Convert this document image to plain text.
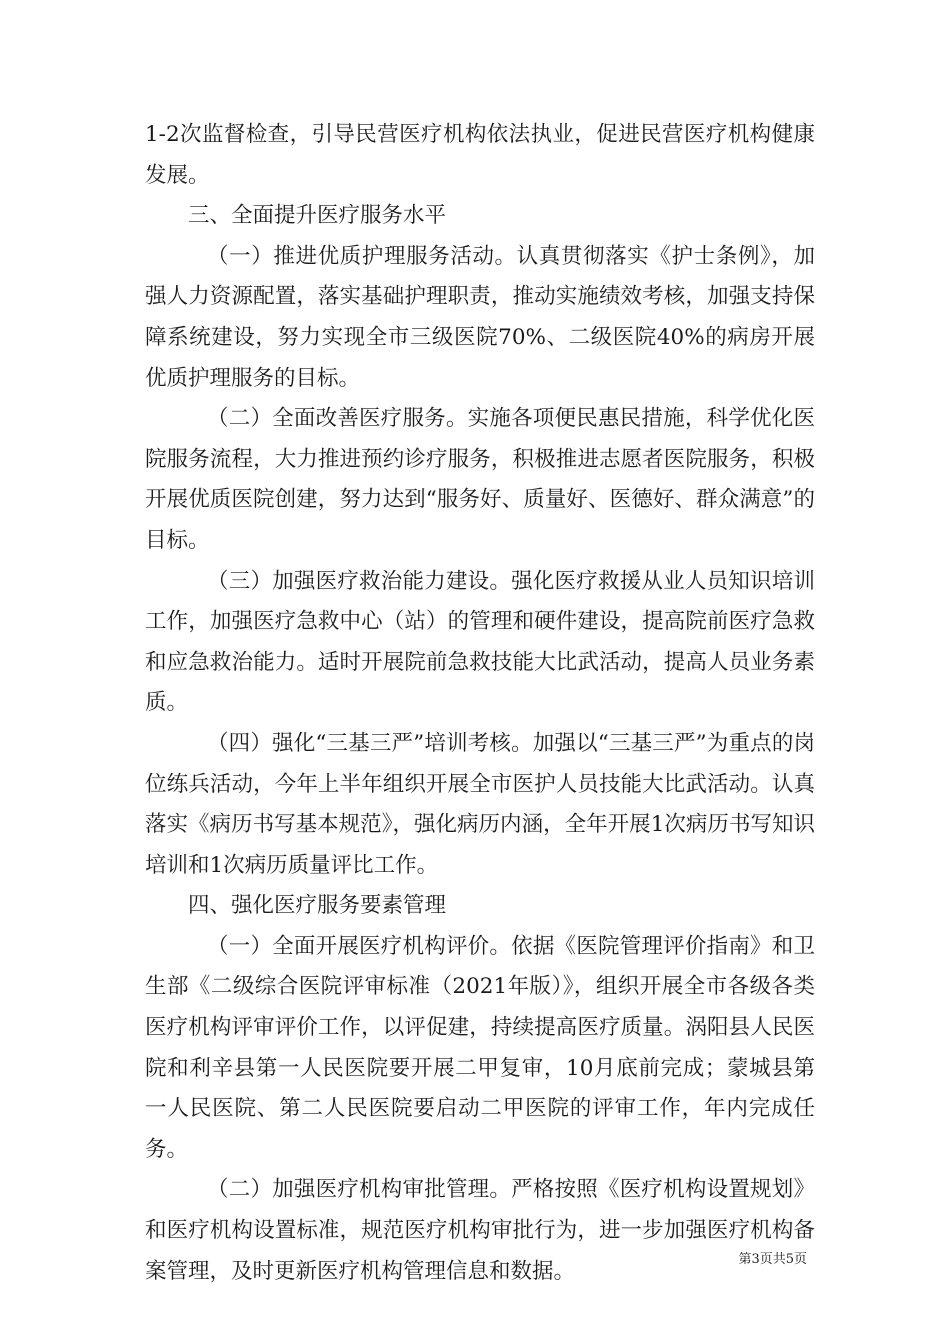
1-2次监督检查，引导民营医疗机构依法执业，促进民营医疗机构健康发展。

三、全面提升医疗服务水平

（一）推进优质护理服务活动。认真贯彻落实《护士条例》，加强人力资源配置，落实基础护理职责，推动实施绩效考核，加强支持保障系统建设，努力实现全市三级医院70%、二级医院40%的病房开展优质护理服务的目标。

（二）全面改善医疗服务。实施各项便民惠民措施，科学优化医院服务流程，大力推进预约诊疗服务，积极推进志愿者医院服务，积极开展优质医院创建，努力达到“服务好、质量好、医德好、群众满意”的目标。

（三）加强医疗救治能力建设。强化医疗救援从业人员知识培训工作，加强医疗急救中心（站）的管理和硬件建设，提高院前医疗急救和应急救治能力。适时开展院前急救技能大比武活动，提高人员业务素质。

（四）强化“三基三严”培训考核。加强以“三基三严”为重点的岗位练兵活动，今年上半年组织开展全市医护人员技能大比武活动。认真落实《病历书写基本规范》，强化病历内涵，全年开展1次病历书写知识培训和1次病历质量评比工作。

四、强化医疗服务要素管理

（一）全面开展医疗机构评价。依据《医院管理评价指南》和卫生部《二级综合医院评审标准（2021年版）》，组织开展全市各级各类医疗机构评审评价工作，以评促建，持续提高医疗质量。涡阳县人民医院和利辛县第一人民医院要开展二甲复审，10月底前完成；蒙城县第一人民医院、第二人民医院要启动二甲医院的评审工作，年内完成任务。

（二）加强医疗机构审批管理。严格按照《医疗机构设置规划》和医疗机构设置标准，规范医疗机构审批行为，进一步加强医疗机构备案管理，及时更新医疗机构管理信息和数据。	第3页共5页
